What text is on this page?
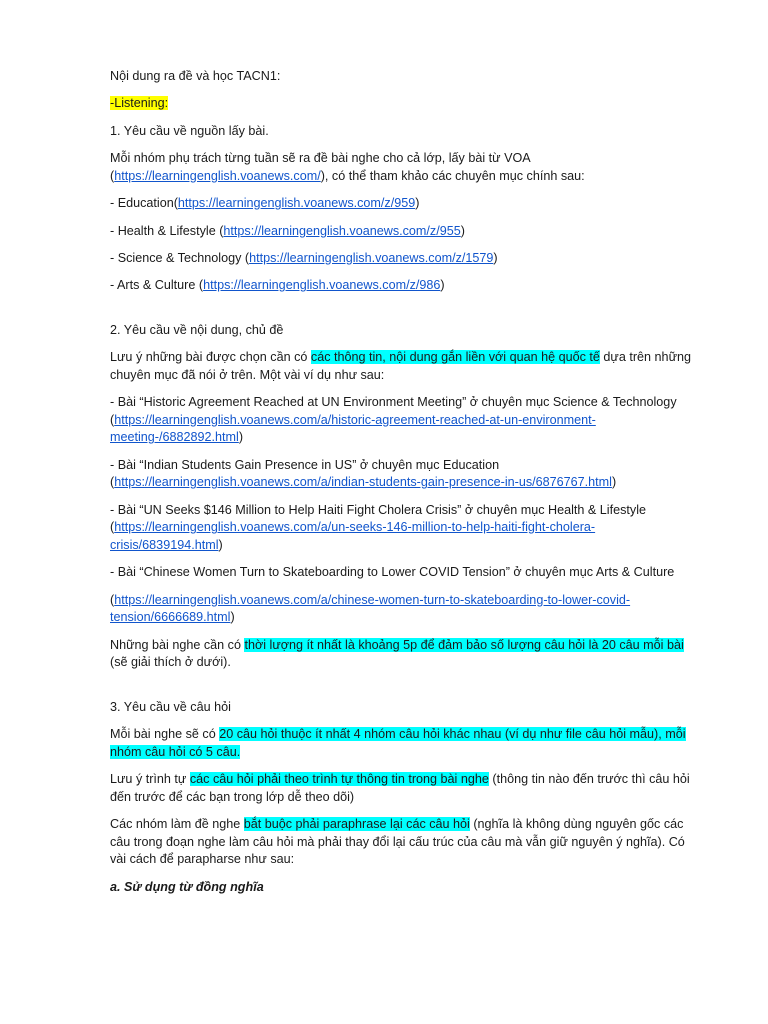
Nội dung ra đề và học TACN1:

-Listening:

1. Yêu cầu về nguồn lấy bài.

Mỗi nhóm phụ trách từng tuần sẽ ra đề bài nghe cho cả lớp, lấy bài từ VOA (https://learningenglish.voanews.com/), có thể tham khảo các chuyên mục chính sau:

- Education(https://learningenglish.voanews.com/z/959)

- Health & Lifestyle (https://learningenglish.voanews.com/z/955)

- Science & Technology (https://learningenglish.voanews.com/z/1579)

- Arts & Culture (https://learningenglish.voanews.com/z/986)

2. Yêu cầu về nội dung, chủ đề

Lưu ý những bài được chọn cần có các thông tin, nội dung gắn liền với quan hệ quốc tế dựa trên những chuyên mục đã nói ở trên. Một vài ví dụ như sau:

- Bài “Historic Agreement Reached at UN Environment Meeting” ở chuyên mục Science & Technology (https://learningenglish.voanews.com/a/historic-agreement-reached-at-un-environment-meeting-/6882892.html)

- Bài “Indian Students Gain Presence in US” ở chuyên mục Education (https://learningenglish.voanews.com/a/indian-students-gain-presence-in-us/6876767.html)

- Bài “UN Seeks $146 Million to Help Haiti Fight Cholera Crisis” ở chuyên mục Health & Lifestyle (https://learningenglish.voanews.com/a/un-seeks-146-million-to-help-haiti-fight-cholera-crisis/6839194.html)

- Bài “Chinese Women Turn to Skateboarding to Lower COVID Tension” ở chuyên mục Arts & Culture

(https://learningenglish.voanews.com/a/chinese-women-turn-to-skateboarding-to-lower-covid-tension/6666689.html)

Những bài nghe cần có thời lượng ít nhất là khoảng 5p để đảm bảo số lượng câu hỏi là 20 câu mỗi bài (sẽ giải thích ở dưới).

3. Yêu cầu về câu hỏi

Mỗi bài nghe sẽ có 20 câu hỏi thuộc ít nhất 4 nhóm câu hỏi khác nhau (ví dụ như file câu hỏi mẫu), mỗi nhóm câu hỏi có 5 câu.

Lưu ý trình tự các câu hỏi phải theo trình tự thông tin trong bài nghe (thông tin nào đến trước thì câu hỏi đến trước để các bạn trong lớp dễ theo dõi)

Các nhóm làm đề nghe bắt buộc phải paraphrase lại các câu hỏi (nghĩa là không dùng nguyên gốc các câu trong đoạn nghe làm câu hỏi mà phải thay đổi lại cấu trúc của câu mà vẫn giữ nguyên ý nghĩa). Có vài cách để parapharse như sau:

a. Sử dụng từ đồng nghĩa
